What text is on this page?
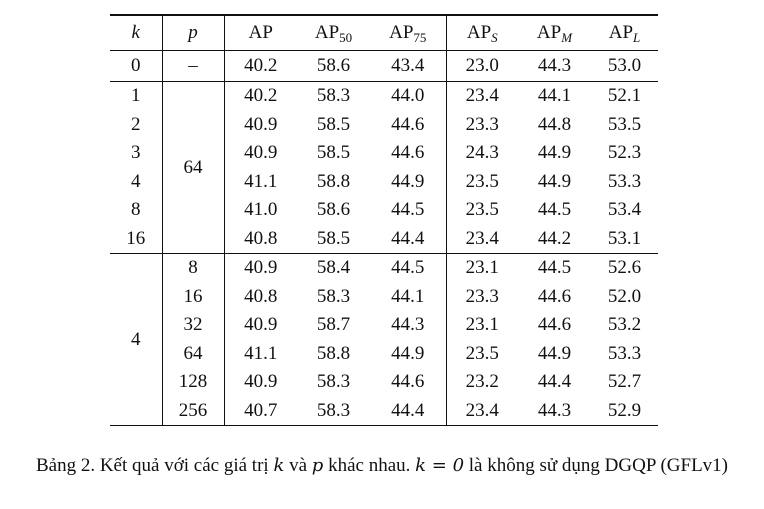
k	p	AP	$AP_{50}$	$AP_{75}$	$AP_S$	$AP_M$	$AP_L$
0	–	40.2	58.6	43.4	23.0	44.3	53.0
1	64	40.2	58.3	44.0	23.4	44.1	52.1
2		40.9	58.5	44.6	23.3	44.8	53.5
3		40.9	58.5	44.6	24.3	44.9	52.3
4		41.1	58.8	44.9	23.5	44.9	53.3
8		41.0	58.6	44.5	23.5	44.5	53.4
16		40.8	58.5	44.4	23.4	44.2	53.1
4	8	40.9	58.4	44.5	23.1	44.5	52.6
	16	40.8	58.3	44.1	23.3	44.6	52.0
	32	40.9	58.7	44.3	23.1	44.6	53.2
	64	41.1	58.8	44.9	23.5	44.9	53.3
	128	40.9	58.3	44.6	23.2	44.4	52.7
	256	40.7	58.3	44.4	23.4	44.3	52.9
Bảng 2. Kết quả với các giá trị k và p khác nhau. k = 0 là không sử dụng DGQP (GFLv1)
